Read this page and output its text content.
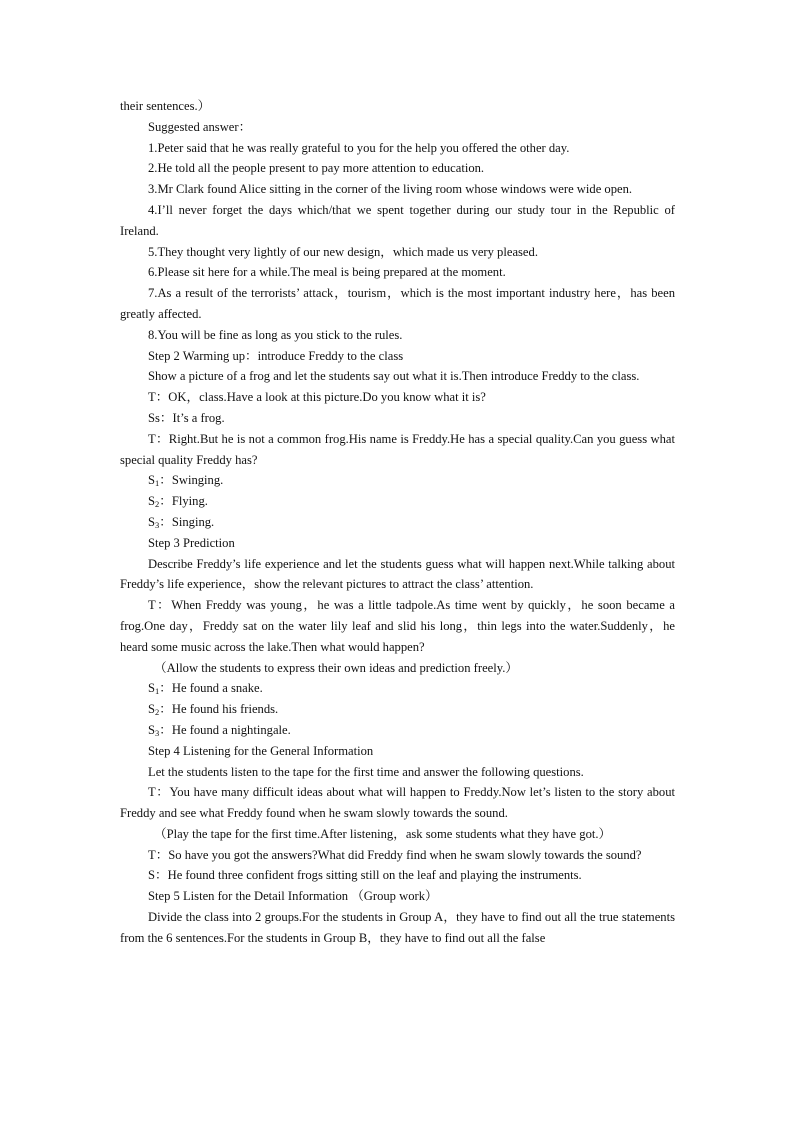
their sentences.）

Suggested answer：

1.Peter said that he was really grateful to you for the help you offered the other day.

2.He told all the people present to pay more attention to education.

3.Mr Clark found Alice sitting in the corner of the living room whose windows were wide open.

4.I’ll never forget the days which/that we spent together during our study tour in the Republic of Ireland.

5.They thought very lightly of our new design，which made us very pleased.

6.Please sit here for a while.The meal is being prepared at the moment.

7.As a result of the terrorists’ attack，tourism，which is the most important industry here，has been greatly affected.

8.You will be fine as long as you stick to the rules.

Step 2 Warming up：introduce Freddy to the class

Show a picture of a frog and let the students say out what it is.Then introduce Freddy to the class.

T：OK，class.Have a look at this picture.Do you know what it is?

Ss：It’s a frog.

T：Right.But he is not a common frog.His name is Freddy.He has a special quality.Can you guess what special quality Freddy has?

$S_1$：Swinging.

$S_2$：Flying.

$S_3$：Singing.

Step 3 Prediction

Describe Freddy’s life experience and let the students guess what will happen next.While talking about Freddy’s life experience，show the relevant pictures to attract the class’ attention.

T：When Freddy was young，he was a little tadpole.As time went by quickly，he soon became a frog.One day，Freddy sat on the water lily leaf and slid his long，thin legs into the water.Suddenly，he heard some music across the lake.Then what would happen?

（Allow the students to express their own ideas and prediction freely.）

$S_1$：He found a snake.

$S_2$：He found his friends.

$S_3$：He found a nightingale.

Step 4 Listening for the General Information

Let the students listen to the tape for the first time and answer the following questions.

T：You have many difficult ideas about what will happen to Freddy.Now let’s listen to the story about Freddy and see what Freddy found when he swam slowly towards the sound.

（Play the tape for the first time.After listening，ask some students what they have got.）

T：So have you got the answers?What did Freddy find when he swam slowly towards the sound?

S：He found three confident frogs sitting still on the leaf and playing the instruments.

Step 5 Listen for the Detail Information （Group work）

Divide the class into 2 groups.For the students in Group A，they have to find out all the true statements from the 6 sentences.For the students in Group B，they have to find out all the false
